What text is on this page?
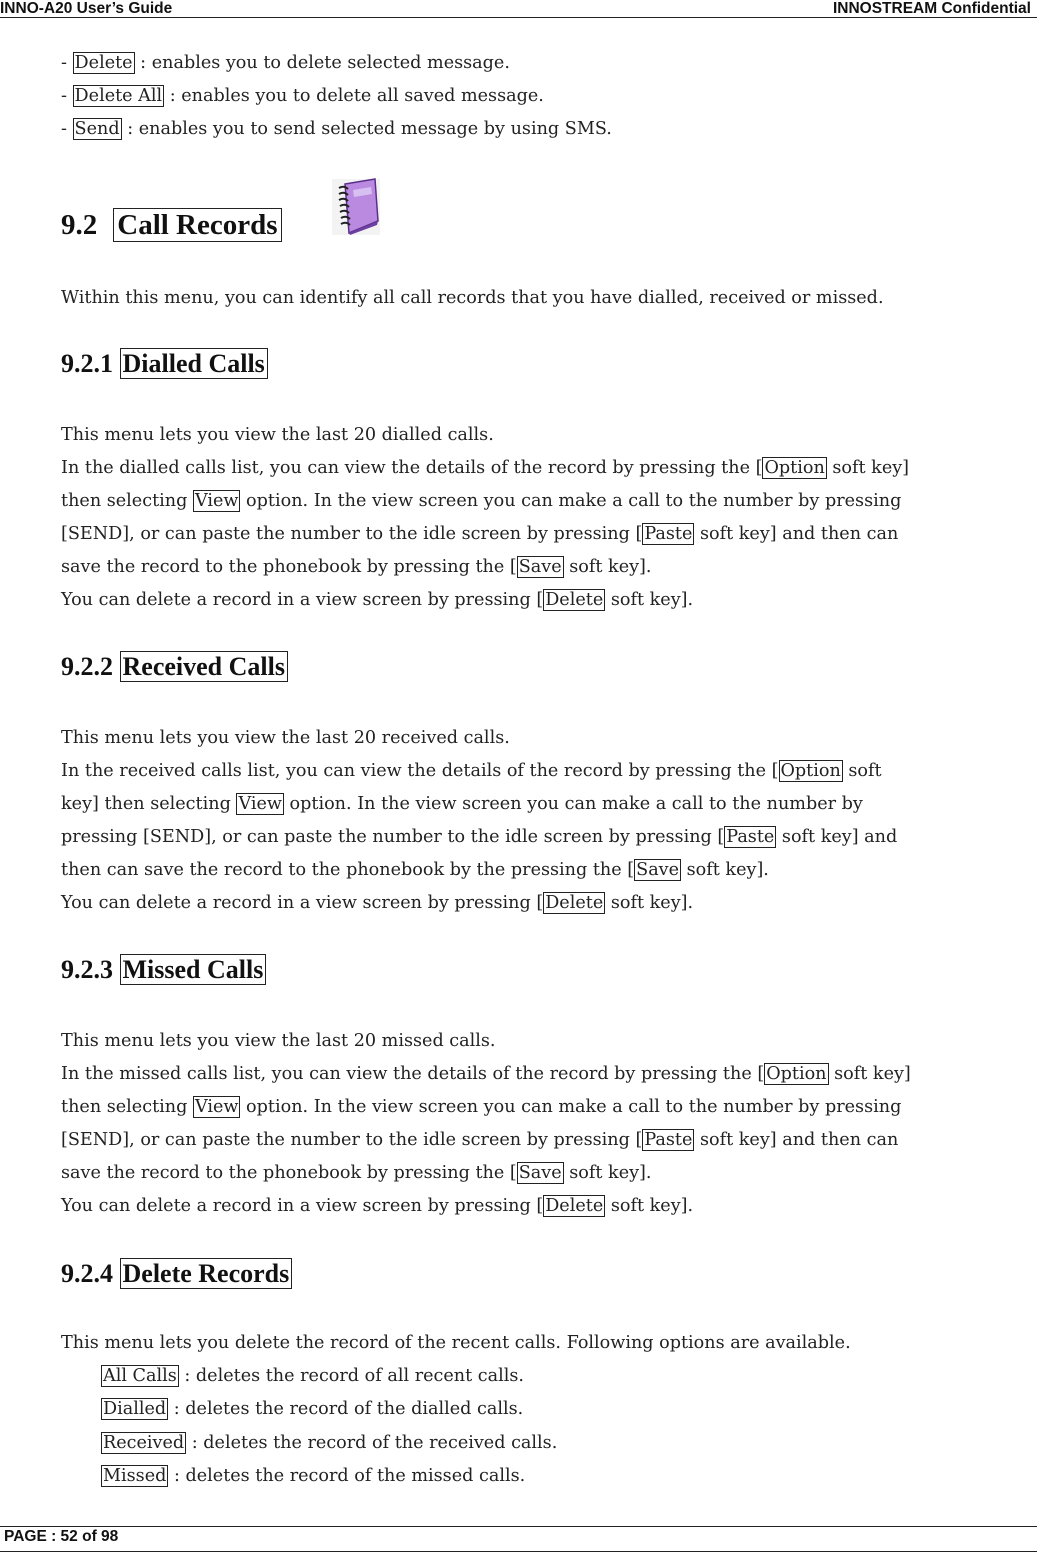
INNO-A20 User’s Guide	INNOSTREAM Confidential
- Delete : enables you to delete selected message.
- Delete All : enables you to delete all saved message.
- Send : enables you to send selected message by using SMS.
9.2 Call Records
Within this menu, you can identify all call records that you have dialled, received or missed.
9.2.1 Dialled Calls
This menu lets you view the last 20 dialled calls.
In the dialled calls list, you can view the details of the record by pressing the [ Option soft key]
then selecting View option. In the view screen you can make a call to the number by pressing
[SEND], or can paste the number to the idle screen by pressing [ Paste soft key] and then can
save the record to the phonebook by pressing the [ Save soft key].
You can delete a record in a view screen by pressing [ Delete soft key].
9.2.2 Received Calls
This menu lets you view the last 20 received calls.
In the received calls list, you can view the details of the record by pressing the [ Option soft
key] then selecting View option. In the view screen you can make a call to the number by
pressing [SEND], or can paste the number to the idle screen by pressing [ Paste soft key] and
then can save the record to the phonebook by the pressing the [ Save soft key].
You can delete a record in a view screen by pressing [ Delete soft key].
9.2.3 Missed Calls
This menu lets you view the last 20 missed calls.
In the missed calls list, you can view the details of the record by pressing the [ Option soft key]
then selecting View option. In the view screen you can make a call to the number by pressing
[SEND], or can paste the number to the idle screen by pressing [ Paste soft key] and then can
save the record to the phonebook by pressing the [ Save soft key].
You can delete a record in a view screen by pressing [ Delete soft key].
9.2.4 Delete Records
This menu lets you delete the record of the recent calls. Following options are available.
All Calls : deletes the record of all recent calls.
Dialled : deletes the record of the dialled calls.
Received : deletes the record of the received calls.
Missed : deletes the record of the missed calls.
PAGE : 52 of 98
